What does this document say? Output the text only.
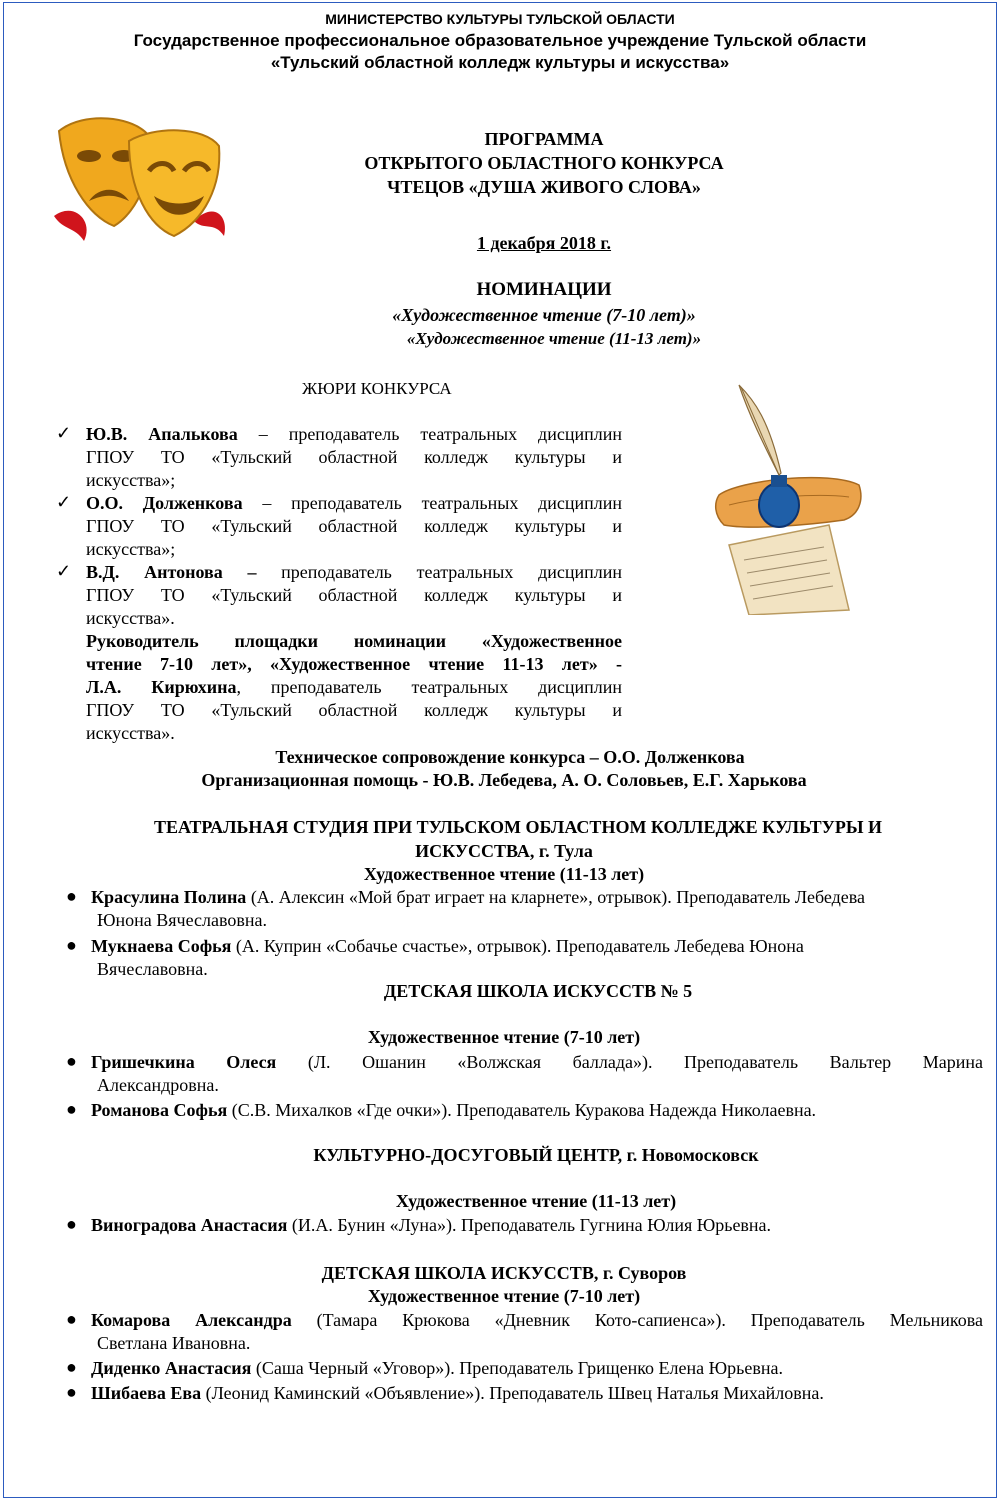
МИНИСТЕРСТВО КУЛЬТУРЫ ТУЛЬСКОЙ ОБЛАСТИ
Государственное профессиональное образовательное учреждение Тульской области
«Тульский областной колледж культуры и искусства»
ПРОГРАММА
ОТКРЫТОГО ОБЛАСТНОГО КОНКУРСА
ЧТЕЦОВ «ДУША ЖИВОГО СЛОВА»
1 декабря 2018 г.
НОМИНАЦИИ
«Художественное чтение (7-10 лет)»
«Художественное чтение (11-13 лет)»
ЖЮРИ КОНКУРСА
✓ Ю.В. Апалькова – преподаватель театральных дисциплин
ГПОУ ТО «Тульский областной колледж культуры и
искусства»;
✓ О.О. Долженкова – преподаватель театральных дисциплин
ГПОУ ТО «Тульский областной колледж культуры и
искусства»;
✓ В.Д. Антонова – преподаватель театральных дисциплин
ГПОУ ТО «Тульский областной колледж культуры и
искусства».
Руководитель площадки номинации «Художественное
чтение 7-10 лет», «Художественное чтение 11-13 лет» -
Л.А. Кирюхина, преподаватель театральных дисциплин
ГПОУ ТО «Тульский областной колледж культуры и
искусства».
Техническое сопровождение конкурса – О.О. Долженкова
Организационная помощь - Ю.В. Лебедева, А. О. Соловьев, Е.Г. Харькова
ТЕАТРАЛЬНАЯ СТУДИЯ ПРИ ТУЛЬСКОМ ОБЛАСТНОМ КОЛЛЕДЖЕ КУЛЬТУРЫ И
ИСКУССТВА, г. Тула
Художественное чтение (11-13 лет)
● Красулина Полина (А. Алексин «Мой брат играет на кларнете», отрывок). Преподаватель Лебедева
Юнона Вячеславовна.
● Мукнаева Софья (А. Куприн «Собачье счастье», отрывок). Преподаватель Лебедева Юнона
Вячеславовна.
ДЕТСКАЯ ШКОЛА ИСКУССТВ № 5
Художественное чтение (7-10 лет)
● Гришечкина Олеся (Л. Ошанин «Волжская баллада»). Преподаватель Вальтер Марина
Александровна.
● Романова Софья (С.В. Михалков «Где очки»). Преподаватель Куракова Надежда Николаевна.
КУЛЬТУРНО-ДОСУГОВЫЙ ЦЕНТР, г. Новомосковск
Художественное чтение (11-13 лет)
● Виноградова Анастасия (И.А. Бунин «Луна»). Преподаватель Гугнина Юлия Юрьевна.
ДЕТСКАЯ ШКОЛА ИСКУССТВ, г. Суворов
Художественное чтение (7-10 лет)
● Комарова Александра (Тамара Крюкова «Дневник Кото-сапиенса»). Преподаватель Мельникова
Светлана Ивановна.
● Диденко Анастасия (Саша Черный «Уговор»). Преподаватель Грищенко Елена Юрьевна.
● Шибаева Ева (Леонид Каминский «Объявление»). Преподаватель Швец Наталья Михайловна.
